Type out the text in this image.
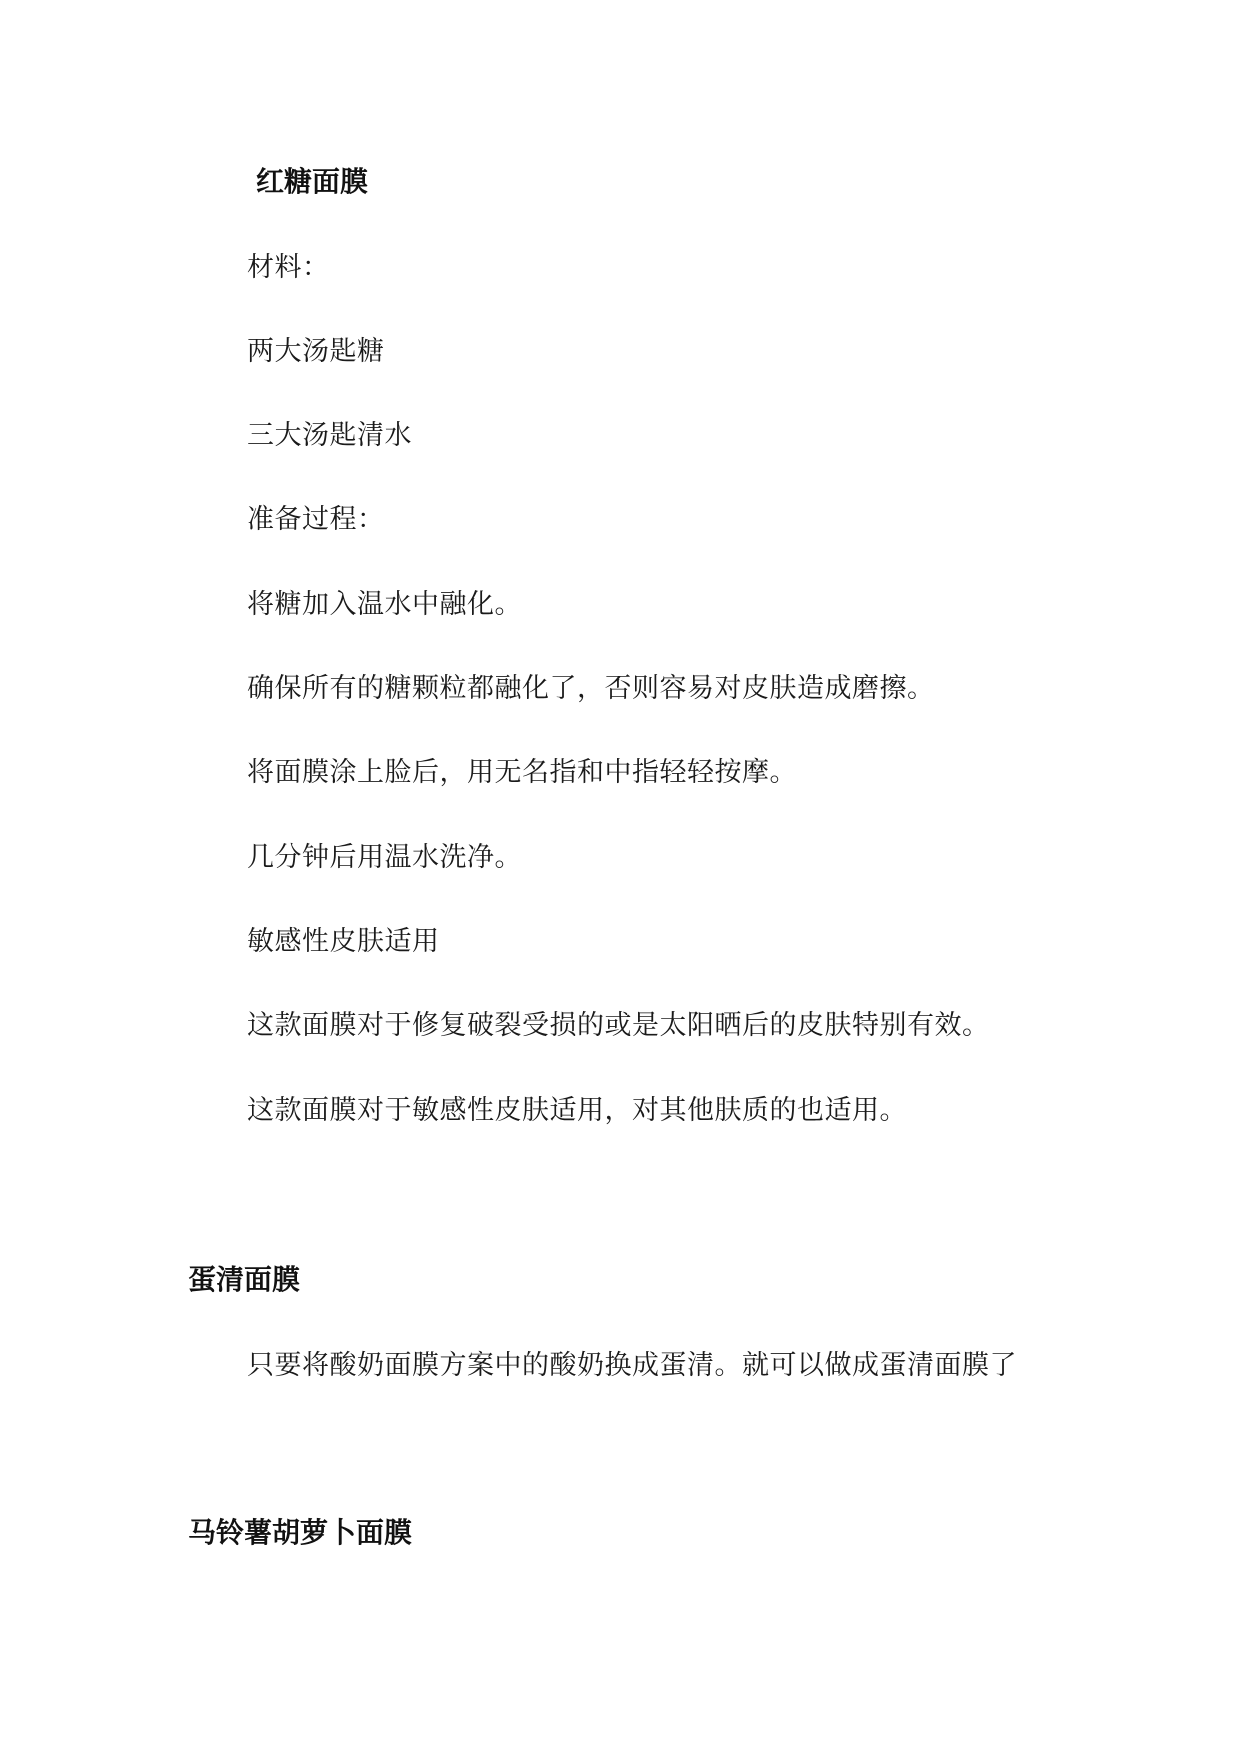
红糖面膜
材料：
两大汤匙糖
三大汤匙清水
准备过程：
将糖加入温水中融化。
确保所有的糖颗粒都融化了，否则容易对皮肤造成磨擦。
将面膜涂上脸后，用无名指和中指轻轻按摩。
几分钟后用温水洗净。
敏感性皮肤适用
这款面膜对于修复破裂受损的或是太阳晒后的皮肤特别有效。
这款面膜对于敏感性皮肤适用，对其他肤质的也适用。
蛋清面膜
只要将酸奶面膜方案中的酸奶换成蛋清。就可以做成蛋清面膜了
马铃薯胡萝卜面膜
